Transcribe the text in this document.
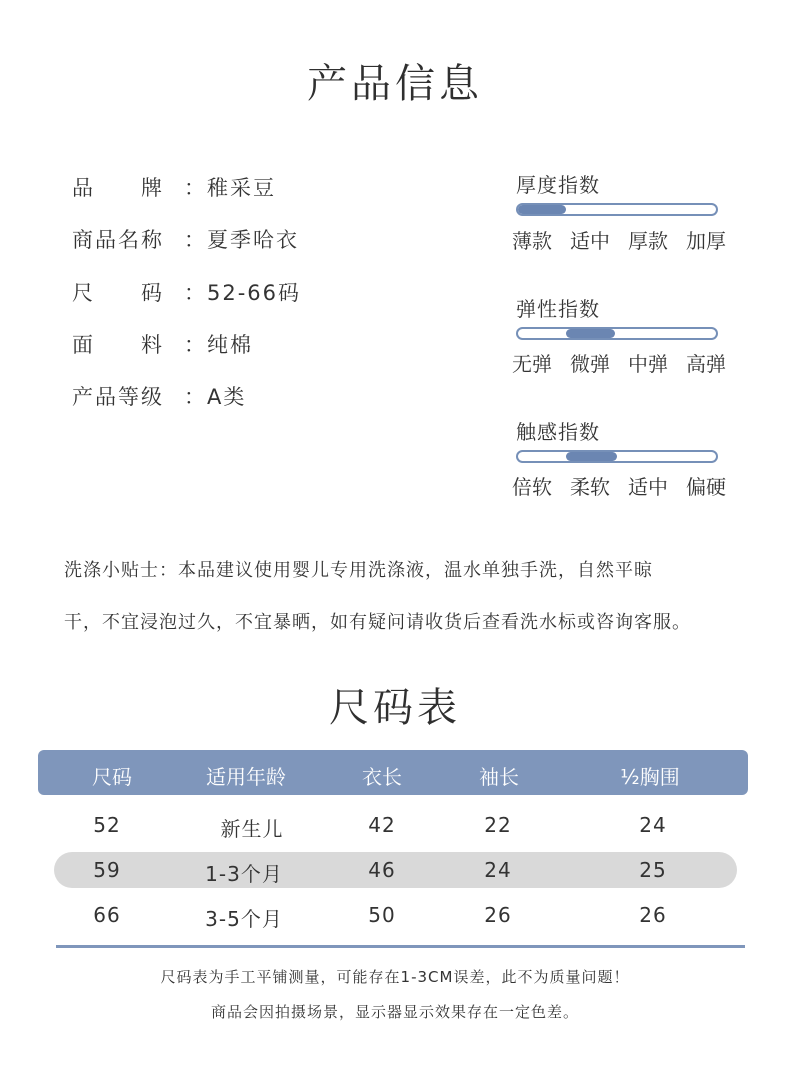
产品信息
品　　牌 ：稚采豆
商品名称 ：夏季哈衣
尺　　码 ：52-66码
面　　料 ：纯棉
产品等级 ：A类
厚度指数
薄款 适中 厚款 加厚
弹性指数
无弹 微弹 中弹 高弹
触感指数
倍软 柔软 适中 偏硬
洗涤小贴士：本品建议使用婴儿专用洗涤液，温水单独手洗，自然平晾
干，不宜浸泡过久，不宜暴晒，如有疑问请收货后查看洗水标或咨询客服。
尺码表
尺码	适用年龄	衣长	袖长	½胸围
52	新生儿	42	22	24
59	1-3个月	46	24	25
66	3-5个月	50	26	26
尺码表为手工平铺测量，可能存在1-3CM误差，此不为质量问题！
商品会因拍摄场景，显示器显示效果存在一定色差。
